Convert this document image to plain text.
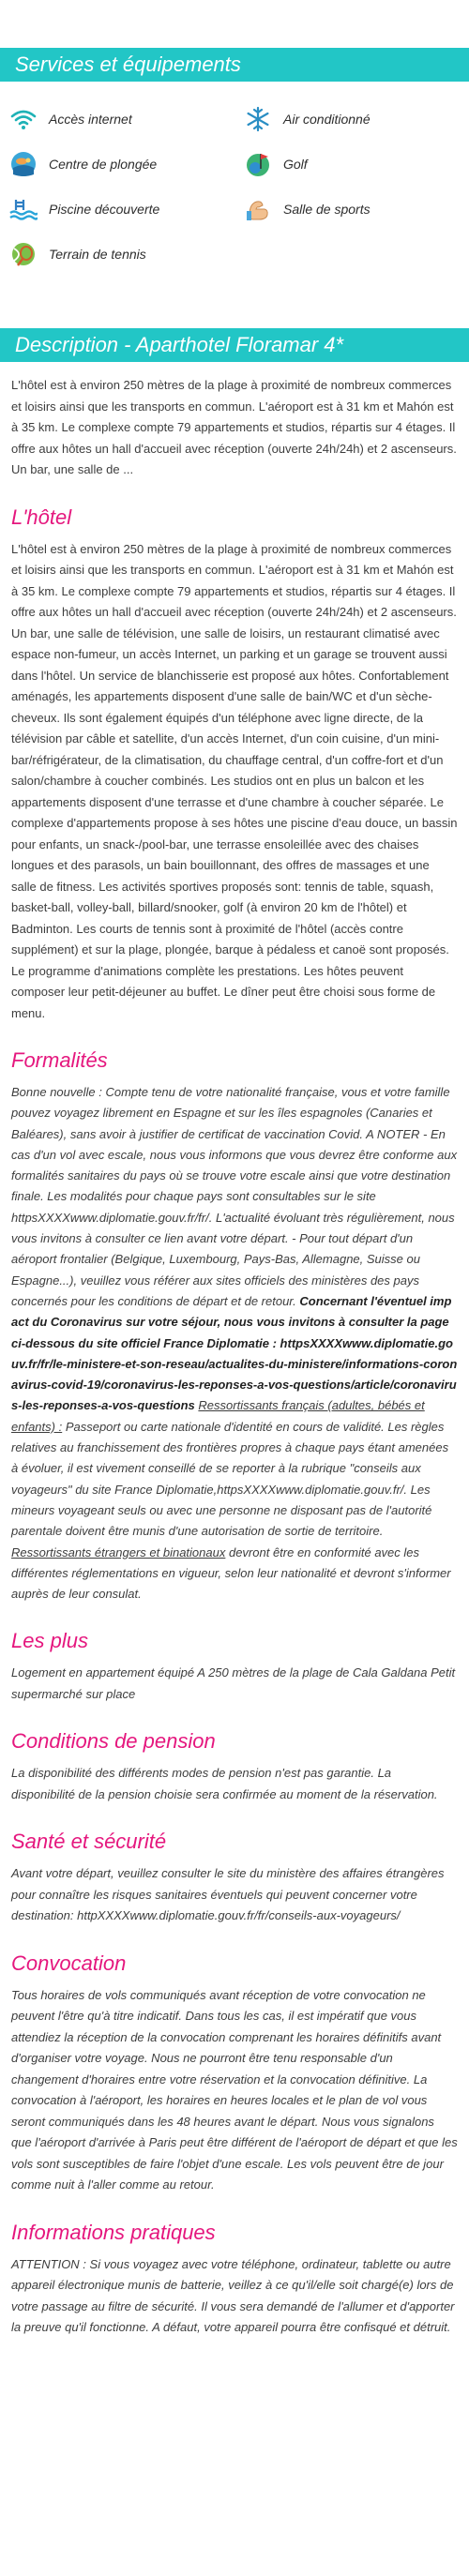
Services et équipements
Accès internet	Air conditionné
Centre de plongée	Golf
Piscine découverte	Salle de sports
Terrain de tennis
Description - Aparthotel Floramar 4*

L'hôtel est à environ 250 mètres de la plage à proximité de nombreux commerces et loisirs ainsi que les transports en commun. L'aéroport est à 31 km et Mahón est à 35 km. Le complexe compte 79 appartements et studios, répartis sur 4 étages. Il offre aux hôtes un hall d'accueil avec réception (ouverte 24h/24h) et 2 ascenseurs. Un bar, une salle de ...

L'hôtel

L'hôtel est à environ 250 mètres de la plage à proximité de nombreux commerces et loisirs ainsi que les transports en commun. L'aéroport est à 31 km et Mahón est à 35 km. Le complexe compte 79 appartements et studios, répartis sur 4 étages. Il offre aux hôtes un hall d'accueil avec réception (ouverte 24h/24h) et 2 ascenseurs. Un bar, une salle de télévision, une salle de loisirs, un restaurant climatisé avec espace non-fumeur, un accès Internet, un parking et un garage se trouvent aussi dans l'hôtel. Un service de blanchisserie est proposé aux hôtes. Confortablement aménagés, les appartements disposent d'une salle de bain/WC et d'un sèche-cheveux. Ils sont également équipés d'un téléphone avec ligne directe, de la télévision par câble et satellite, d'un accès Internet, d'un coin cuisine, d'un mini-bar/réfrigérateur, de la climatisation, du chauffage central, d'un coffre-fort et d'un salon/chambre à coucher combinés. Les studios ont en plus un balcon et les appartements disposent d'une terrasse et d'une chambre à coucher séparée. Le complexe d'appartements propose à ses hôtes une piscine d'eau douce, un bassin pour enfants, un snack-/pool-bar, une terrasse ensoleillée avec des chaises longues et des parasols, un bain bouillonnant, des offres de massages et une salle de fitness. Les activités sportives proposés sont: tennis de table, squash, basket-ball, volley-ball, billard/snooker, golf (à environ 20 km de l'hôtel) et Badminton. Les courts de tennis sont à proximité de l'hôtel (accès contre supplément) et sur la plage, plongée, barque à pédaless et canoë sont proposés. Le programme d'animations complète les prestations. Les hôtes peuvent composer leur petit-déjeuner au buffet. Le dîner peut être choisi sous forme de menu.

Formalités

Bonne nouvelle : Compte tenu de votre nationalité française, vous et votre famille pouvez voyagez librement en Espagne et sur les îles espagnoles (Canaries et Baléares), sans avoir à justifier de certificat de vaccination Covid. A NOTER - En cas d'un vol avec escale, nous vous informons que vous devrez être conforme aux formalités sanitaires du pays où se trouve votre escale ainsi que votre destination finale. Les modalités pour chaque pays sont consultables sur le site httpsXXXXwww.diplomatie.gouv.fr/fr/. L'actualité évoluant très régulièrement, nous vous invitons à consulter ce lien avant votre départ. - Pour tout départ d'un aéroport frontalier (Belgique, Luxembourg, Pays-Bas, Allemagne, Suisse ou Espagne...), veuillez vous référer aux sites officiels des ministères des pays concernés pour les conditions de départ et de retour. Concernant l'éventuel impact du Coronavirus sur votre séjour, nous vous invitons à consulter la page ci-dessous du site officiel France Diplomatie : httpsXXXXwww.diplomatie.gouv.fr/fr/le-ministere-et-son-reseau/actualites-du-ministere/informations-coronavirus-covid-19/coronavirus-les-reponses-a-vos-questions/article/coronavirus-les-reponses-a-vos-questions Ressortissants français (adultes, bébés et enfants) : Passeport ou carte nationale d'identité en cours de validité. Les règles relatives au franchissement des frontières propres à chaque pays étant amenées à évoluer, il est vivement conseillé de se reporter à la rubrique "conseils aux voyageurs" du site France Diplomatie,httpsXXXXwww.diplomatie.gouv.fr/. Les mineurs voyageant seuls ou avec une personne ne disposant pas de l'autorité parentale doivent être munis d'une autorisation de sortie de territoire. Ressortissants étrangers et binationaux devront être en conformité avec les différentes réglementations en vigueur, selon leur nationalité et devront s'informer auprès de leur consulat.

Les plus

Logement en appartement équipé A 250 mètres de la plage de Cala Galdana Petit supermarché sur place

Conditions de pension

La disponibilité des différents modes de pension n'est pas garantie. La disponibilité de la pension choisie sera confirmée au moment de la réservation.

Santé et sécurité

Avant votre départ, veuillez consulter le site du ministère des affaires étrangères pour connaître les risques sanitaires éventuels qui peuvent concerner votre destination: httpXXXXwww.diplomatie.gouv.fr/fr/conseils-aux-voyageurs/

Convocation

Tous horaires de vols communiqués avant réception de votre convocation ne peuvent l'être qu'à titre indicatif. Dans tous les cas, il est impératif que vous attendiez la réception de la convocation comprenant les horaires définitifs avant d'organiser votre voyage. Nous ne pourront être tenu responsable d'un changement d'horaires entre votre réservation et la convocation définitive. La convocation à l'aéroport, les horaires en heures locales et le plan de vol vous seront communiqués dans les 48 heures avant le départ. Nous vous signalons que l'aéroport d'arrivée à Paris peut être différent de l'aéroport de départ et que les vols sont susceptibles de faire l'objet d'une escale. Les vols peuvent être de jour comme nuit à l'aller comme au retour.

Informations pratiques

ATTENTION : Si vous voyagez avec votre téléphone, ordinateur, tablette ou autre appareil électronique munis de batterie, veillez à ce qu'il/elle soit chargé(e) lors de votre passage au filtre de sécurité. Il vous sera demandé de l'allumer et d'apporter la preuve qu'il fonctionne. A défaut, votre appareil pourra être confisqué et détruit.
